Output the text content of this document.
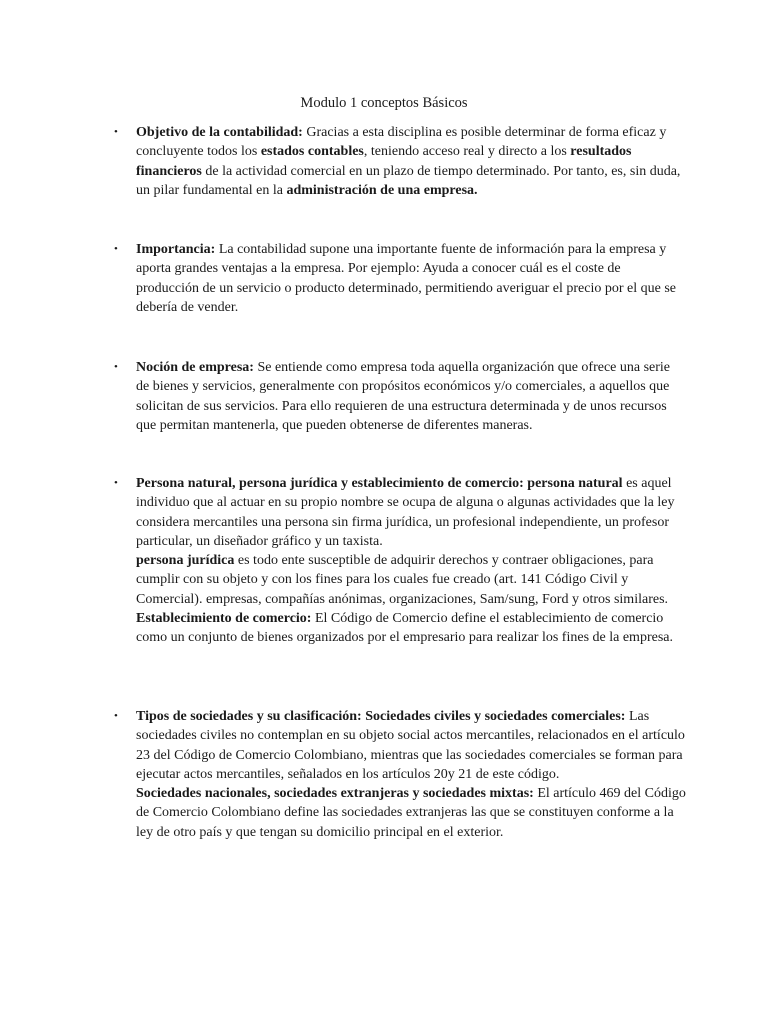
Modulo 1 conceptos Básicos
• Objetivo de la contabilidad: Gracias a esta disciplina es posible determinar de forma eficaz y concluyente todos los estados contables, teniendo acceso real y directo a los resultados financieros de la actividad comercial en un plazo de tiempo determinado. Por tanto, es, sin duda, un pilar fundamental en la administración de una empresa.

• Importancia: La contabilidad supone una importante fuente de información para la empresa y aporta grandes ventajas a la empresa. Por ejemplo: Ayuda a conocer cuál es el coste de producción de un servicio o producto determinado, permitiendo averiguar el precio por el que se debería de vender.

• Noción de empresa: Se entiende como empresa toda aquella organización que ofrece una serie de bienes y servicios, generalmente con propósitos económicos y/o comerciales, a aquellos que solicitan de sus servicios. Para ello requieren de una estructura determinada y de unos recursos que permitan mantenerla, que pueden obtenerse de diferentes maneras.

• Persona natural, persona jurídica y establecimiento de comercio: persona natural es aquel individuo que al actuar en su propio nombre se ocupa de alguna o algunas actividades que la ley considera mercantiles una persona sin firma jurídica, un profesional independiente, un profesor particular, un diseñador gráfico y un taxista.

persona jurídica es todo ente susceptible de adquirir derechos y contraer obligaciones, para cumplir con su objeto y con los fines para los cuales fue creado (art. 141 Código Civil y Comercial). empresas, compañías anónimas, organizaciones, Sam/sung, Ford y otros similares.

Establecimiento de comercio: El Código de Comercio define el establecimiento de comercio como un conjunto de bienes organizados por el empresario para realizar los fines de la empresa.

• Tipos de sociedades y su clasificación: Sociedades civiles y sociedades comerciales: Las sociedades civiles no contemplan en su objeto social actos mercantiles, relacionados en el artículo 23 del Código de Comercio Colombiano, mientras que las sociedades comerciales se forman para ejecutar actos mercantiles, señalados en los artículos 20y 21 de este código.

Sociedades nacionales, sociedades extranjeras y sociedades mixtas: El artículo 469 del Código de Comercio Colombiano define las sociedades extranjeras las que se constituyen conforme a la ley de otro país y que tengan su domicilio principal en el exterior.
